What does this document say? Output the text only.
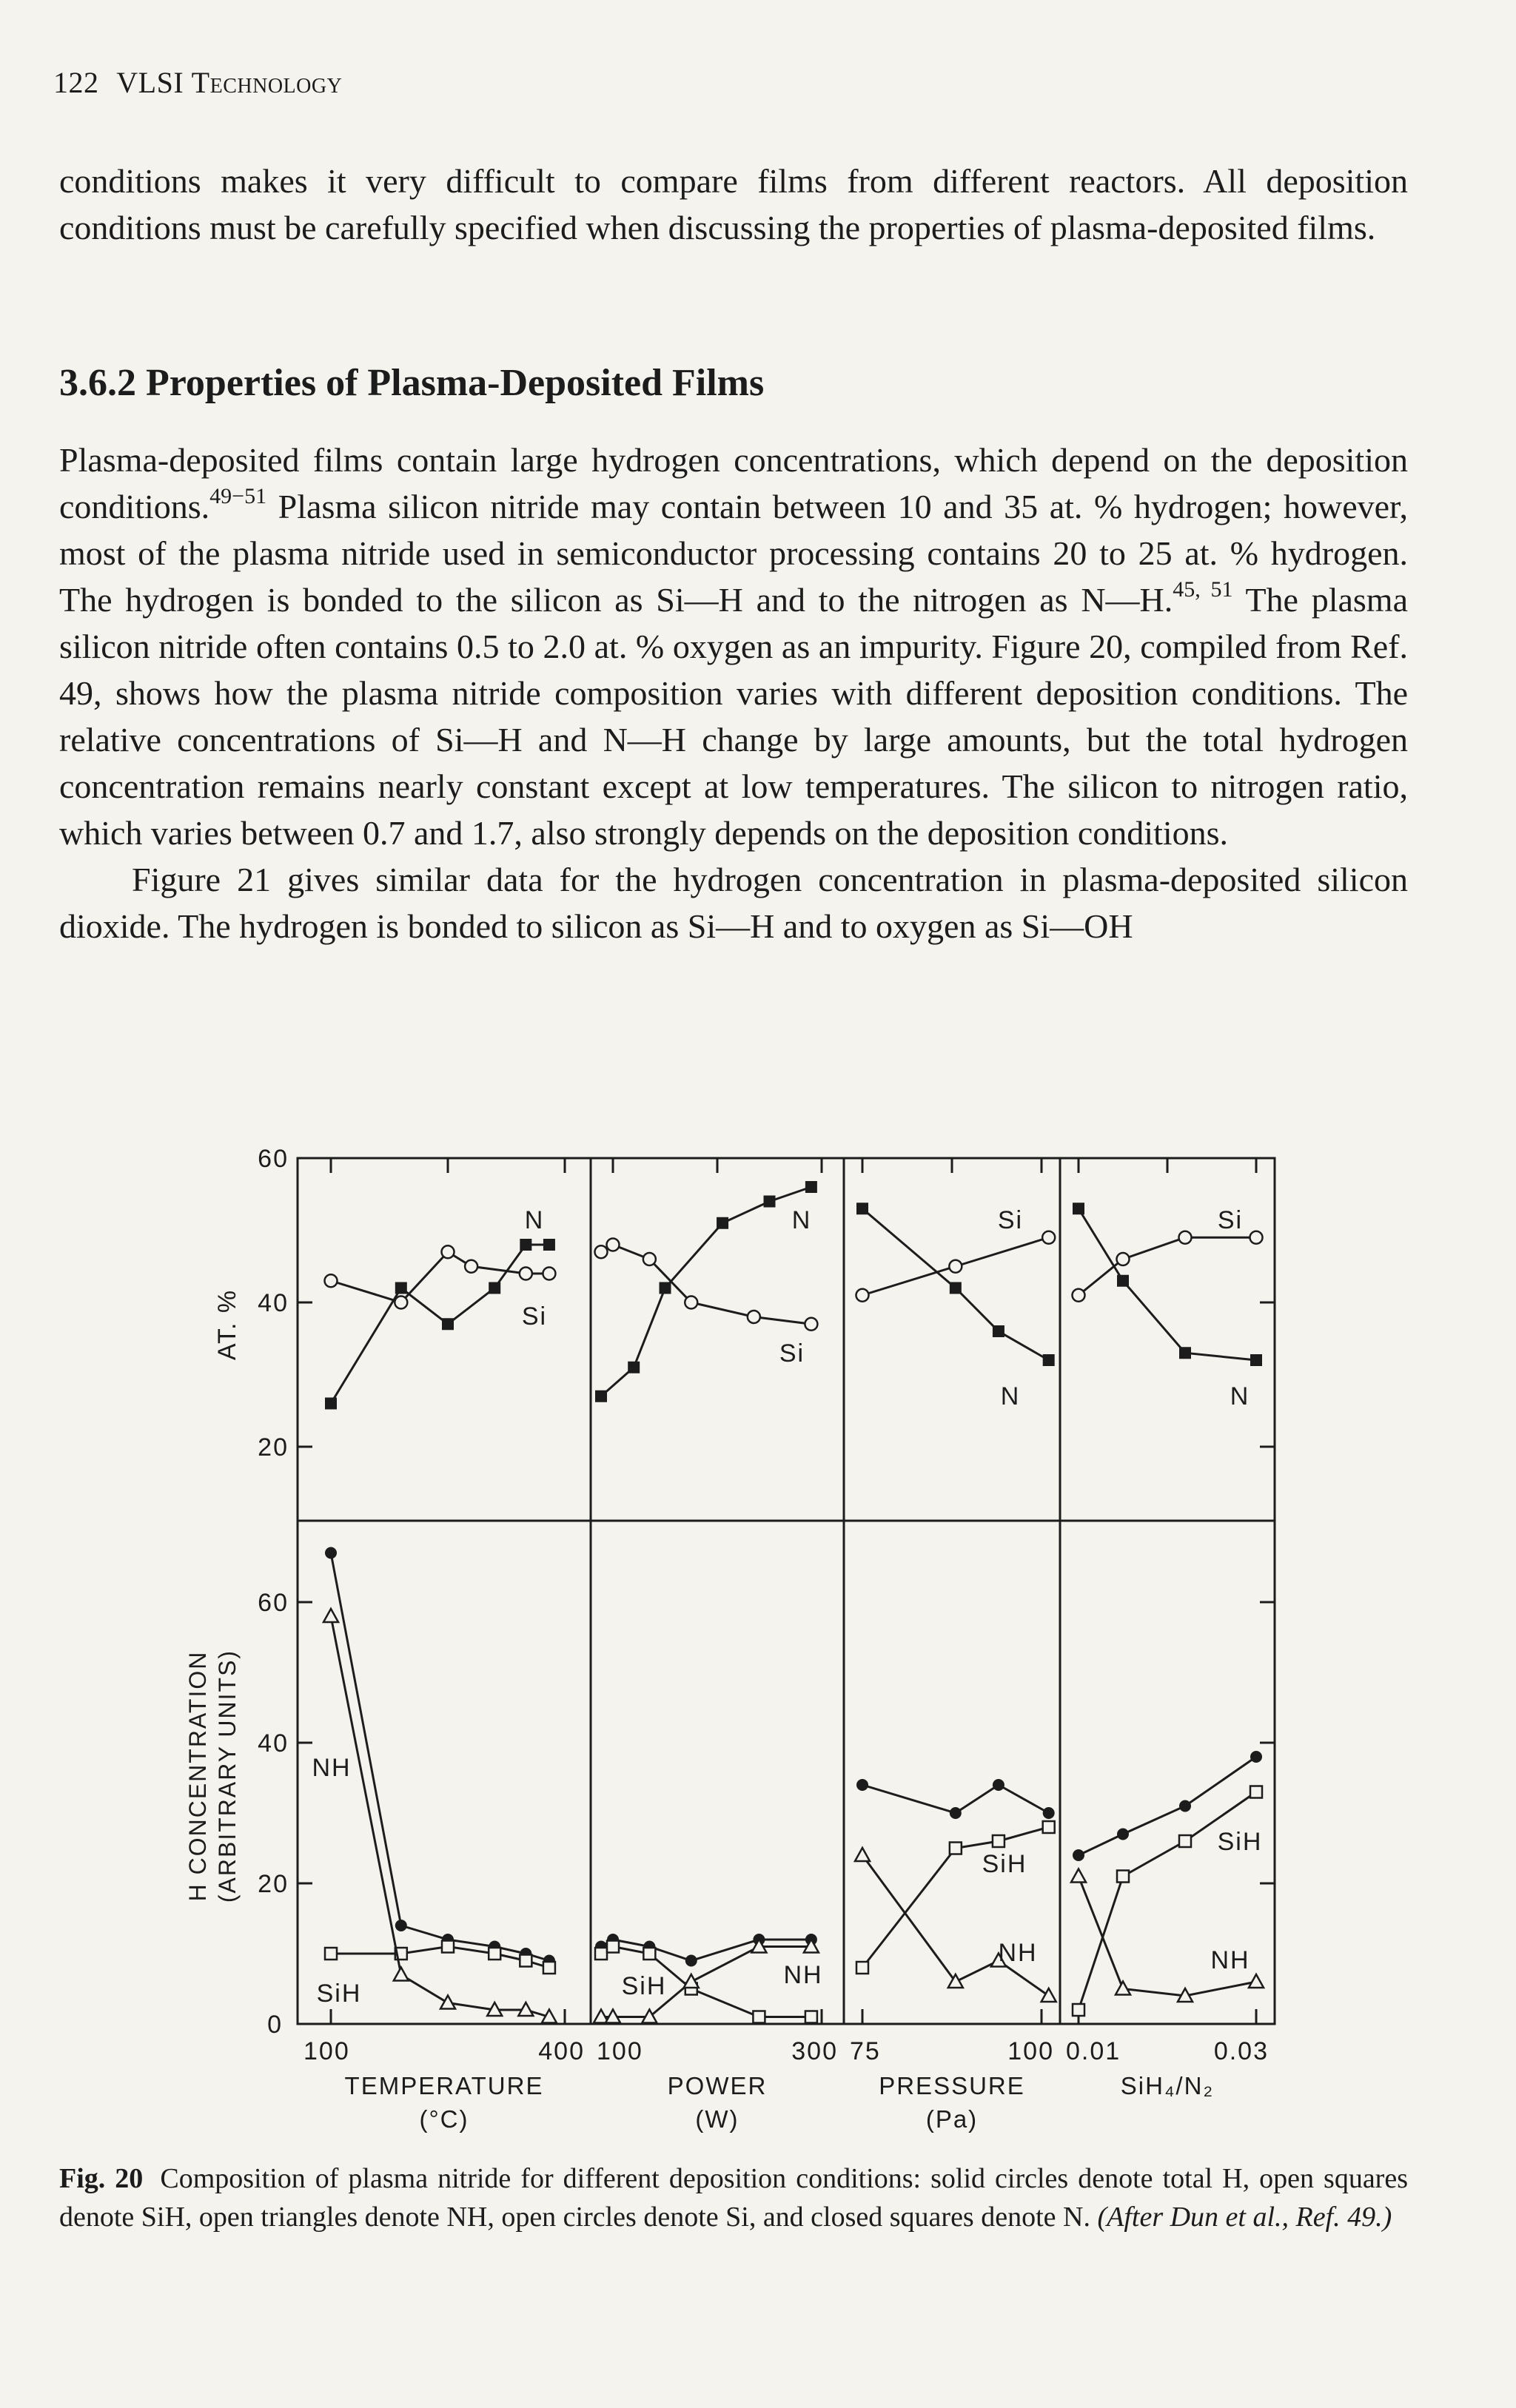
122 VLSI Technology

conditions makes it very difficult to compare films from different reactors. All deposition conditions must be carefully specified when discussing the properties of plasma-deposited films.

3.6.2 Properties of Plasma-Deposited Films

Plasma-deposited films contain large hydrogen concentrations, which depend on the deposition conditions.$^{49-51}$ Plasma silicon nitride may contain between 10 and 35 at. % hydrogen; however, most of the plasma nitride used in semiconductor processing contains 20 to 25 at. % hydrogen. The hydrogen is bonded to the silicon as Si—H and to the nitrogen as N—H.$^{45, 51}$ The plasma silicon nitride often contains 0.5 to 2.0 at. % oxygen as an impurity. Figure 20, compiled from Ref. 49, shows how the plasma nitride composition varies with different deposition conditions. The relative concentrations of Si—H and N—H change by large amounts, but the total hydrogen concentration remains nearly constant except at low temperatures. The silicon to nitrogen ratio, which varies between 0.7 and 1.7, also strongly depends on the deposition conditions.

Figure 21 gives similar data for the hydrogen concentration in plasma-deposited silicon dioxide. The hydrogen is bonded to silicon as Si—H and to oxygen as Si—OH

60
40
20
60
40
20
0
AT. %
H CONCENTRATION (ARBITRARY UNITS)
100	400
TEMPERATURE
(°C)
N
Si
SiH
NH
100	300
POWER
(W)
N
Si
SiH	NH
75	100
PRESSURE
(Pa)
N
Si
SiH
NH
0.01	0.03
SiH₄/N₂
N
Si
SiH
NH
Fig. 20 Composition of plasma nitride for different deposition conditions: solid circles denote total H, open squares denote SiH, open triangles denote NH, open circles denote Si, and closed squares denote N. (After Dun et al., Ref. 49.)
